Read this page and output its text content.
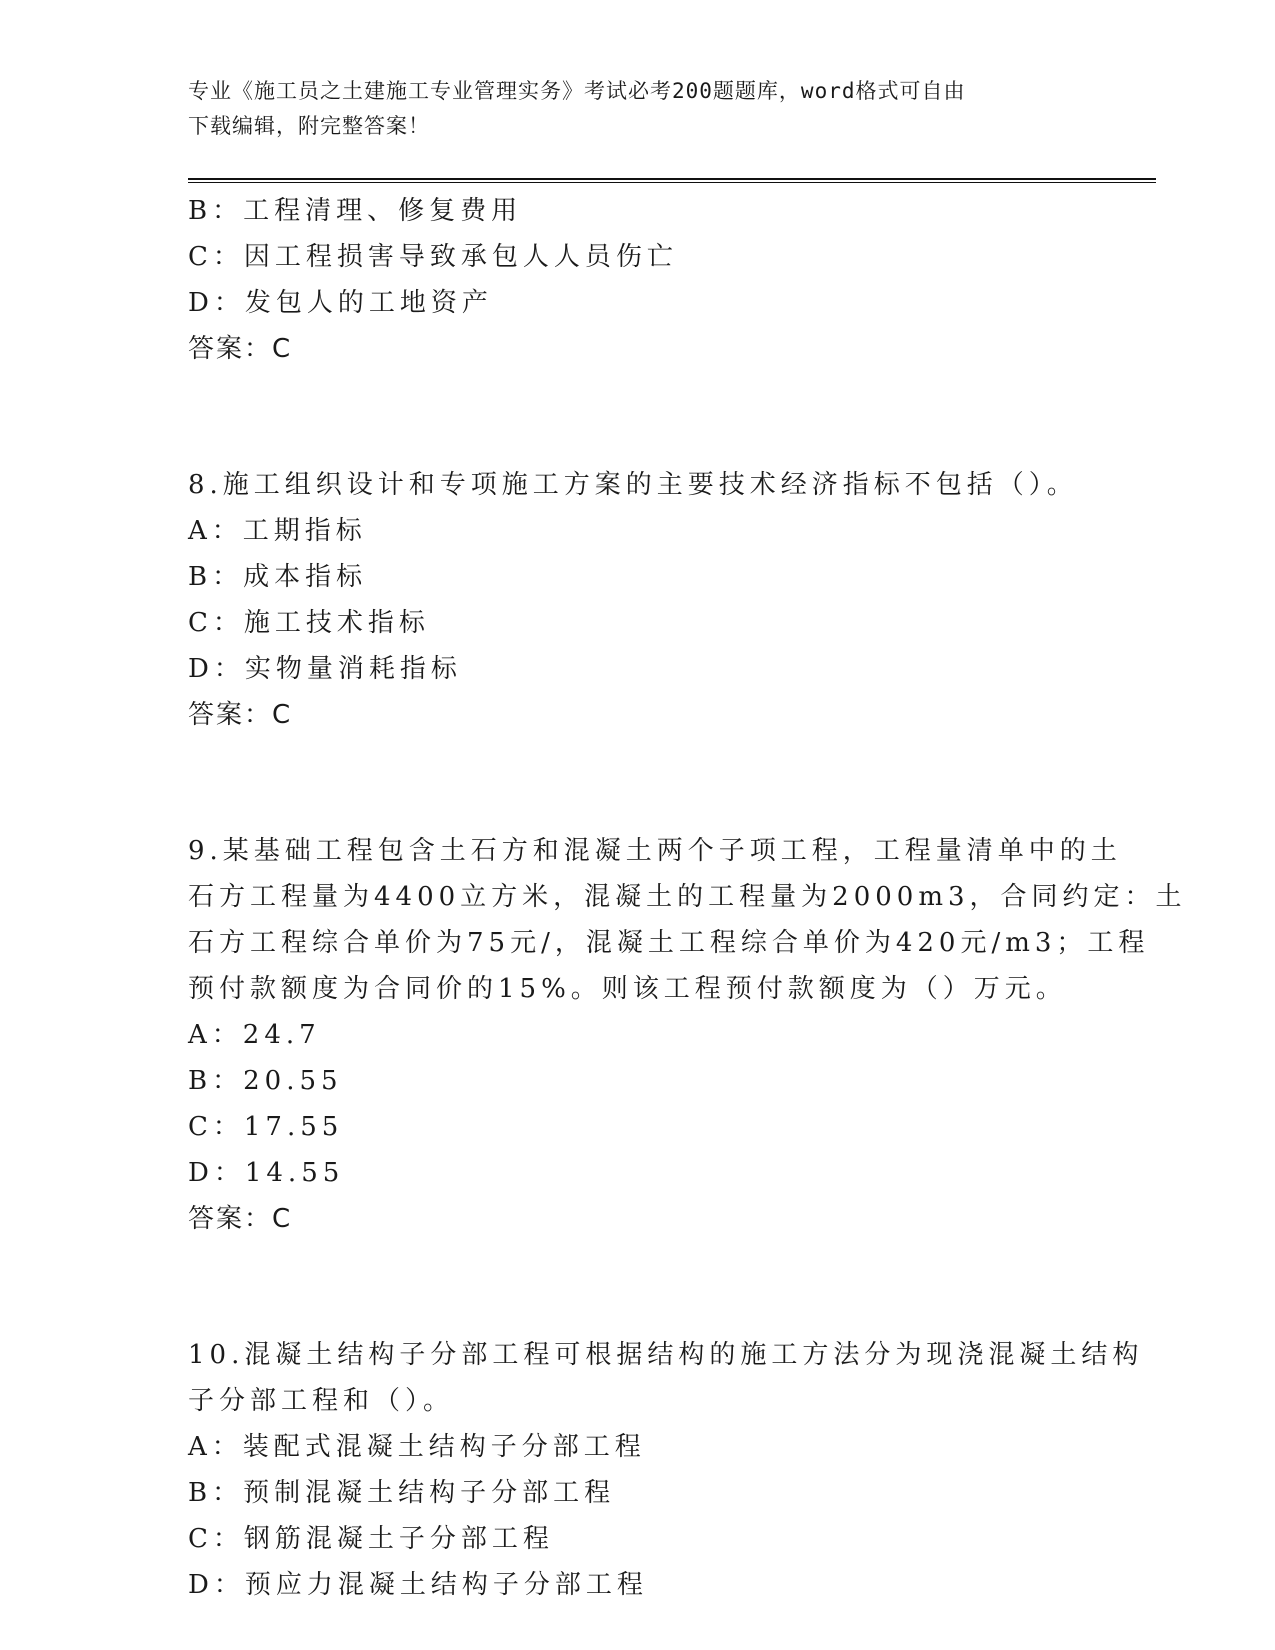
专业《施工员之土建施工专业管理实务》考试必考200题题库，word格式可自由
下载编辑，附完整答案！
B：工程清理、修复费用
C：因工程损害导致承包人人员伤亡
D：发包人的工地资产
答案：C
8.施工组织设计和专项施工方案的主要技术经济指标不包括（）。
A：工期指标
B：成本指标
C：施工技术指标
D：实物量消耗指标
答案：C
9.某基础工程包含土石方和混凝土两个子项工程，工程量清单中的土
石方工程量为4400立方米，混凝土的工程量为2000m3，合同约定：土
石方工程综合单价为75元/，混凝土工程综合单价为420元/m3；工程
预付款额度为合同价的15%。则该工程预付款额度为（）万元。
A：24.7
B：20.55
C：17.55
D：14.55
答案：C
10.混凝土结构子分部工程可根据结构的施工方法分为现浇混凝土结构
子分部工程和（）。
A：装配式混凝土结构子分部工程
B：预制混凝土结构子分部工程
C：钢筋混凝土子分部工程
D：预应力混凝土结构子分部工程
